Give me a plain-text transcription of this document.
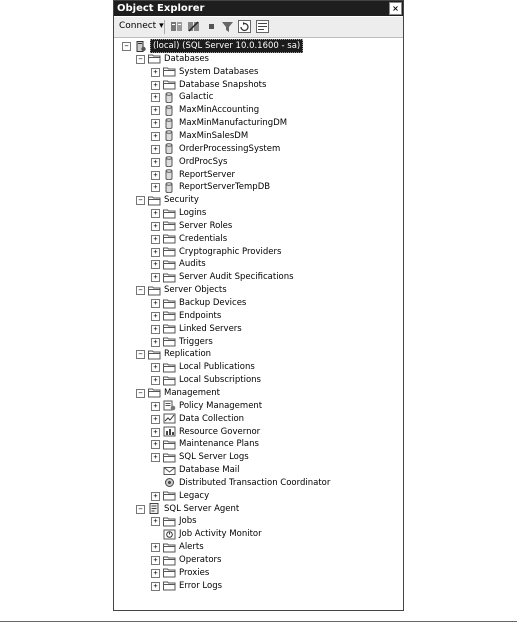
Object Explorer	×
Connect ▾
−	(local) (SQL Server 10.0.1600 - sa)
−	Databases
+	System Databases
+	Database Snapshots
+	Galactic
+	MaxMinAccounting
+	MaxMinManufacturingDM
+	MaxMinSalesDM
+	OrderProcessingSystem
+	OrdProcSys
+	ReportServer
+	ReportServerTempDB
−	Security
+	Logins
+	Server Roles
+	Credentials
+	Cryptographic Providers
+	Audits
+	Server Audit Specifications
−	Server Objects
+	Backup Devices
+	Endpoints
+	Linked Servers
+	Triggers
−	Replication
+	Local Publications
+	Local Subscriptions
−	Management
+	Policy Management
+	Data Collection
+	Resource Governor
+	Maintenance Plans
+	SQL Server Logs
Database Mail
Distributed Transaction Coordinator
+	Legacy
−	SQL Server Agent
+	Jobs
Job Activity Monitor
+	Alerts
+	Operators
+	Proxies
+	Error Logs
